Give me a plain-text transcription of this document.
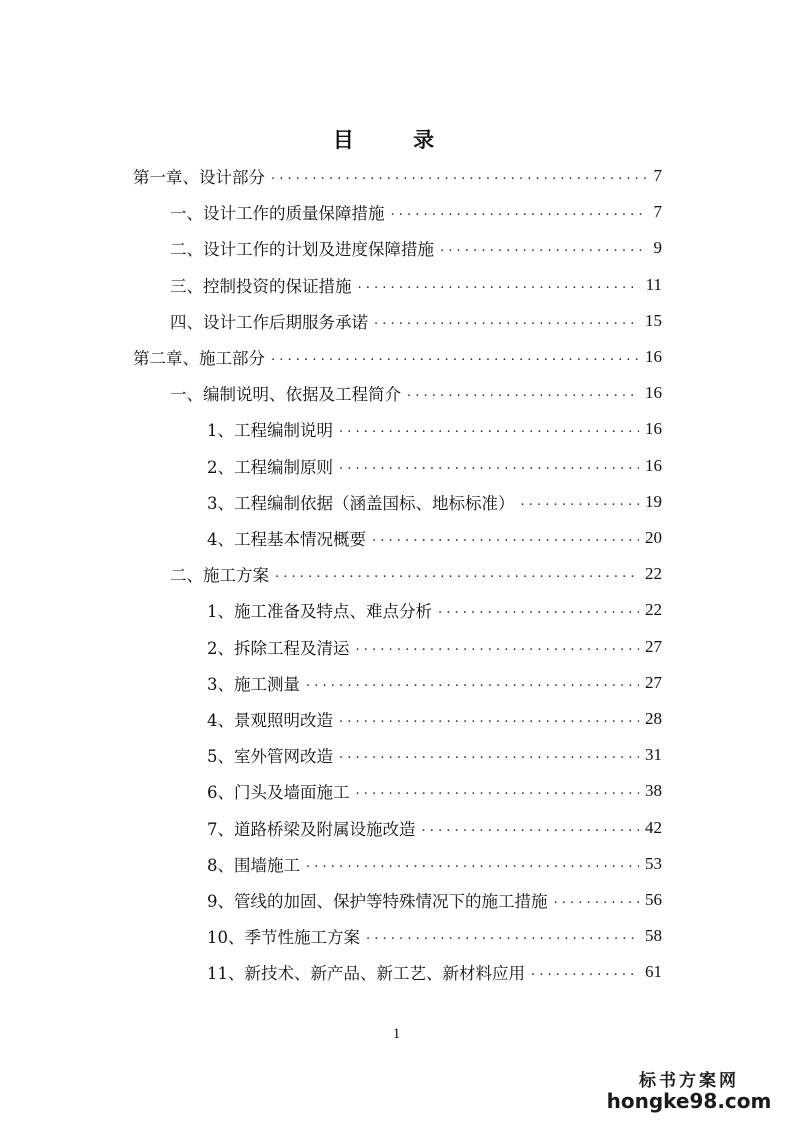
目 录
第一章、设计部分 . . .	7
一、设计工作的质量保障措施 . . .	7
二、设计工作的计划及进度保障措施 . . .	9
三、控制投资的保证措施 . . .	11
四、设计工作后期服务承诺 . . .	15
第二章、施工部分 . . .	16
一、编制说明、依据及工程简介 . . .	16
1、工程编制说明 . . .	16
2、工程编制原则 . . .	16
3、工程编制依据（涵盖国标、地标标准） . . .	19
4、工程基本情况概要 . . .	20
二、施工方案 . . .	22
1、施工准备及特点、难点分析 . . .	22
2、拆除工程及清运 . . .	27
3、施工测量 . . .	27
4、景观照明改造 . . .	28
5、室外管网改造 . . .	31
6、门头及墙面施工 . . .	38
7、道路桥梁及附属设施改造 . . .	42
8、围墙施工 . . .	53
9、管线的加固、保护等特殊情况下的施工措施 . . .	56
10、季节性施工方案 . . .	58
11、新技术、新产品、新工艺、新材料应用 . . .	61
1
标书方案网
hongke98.com
